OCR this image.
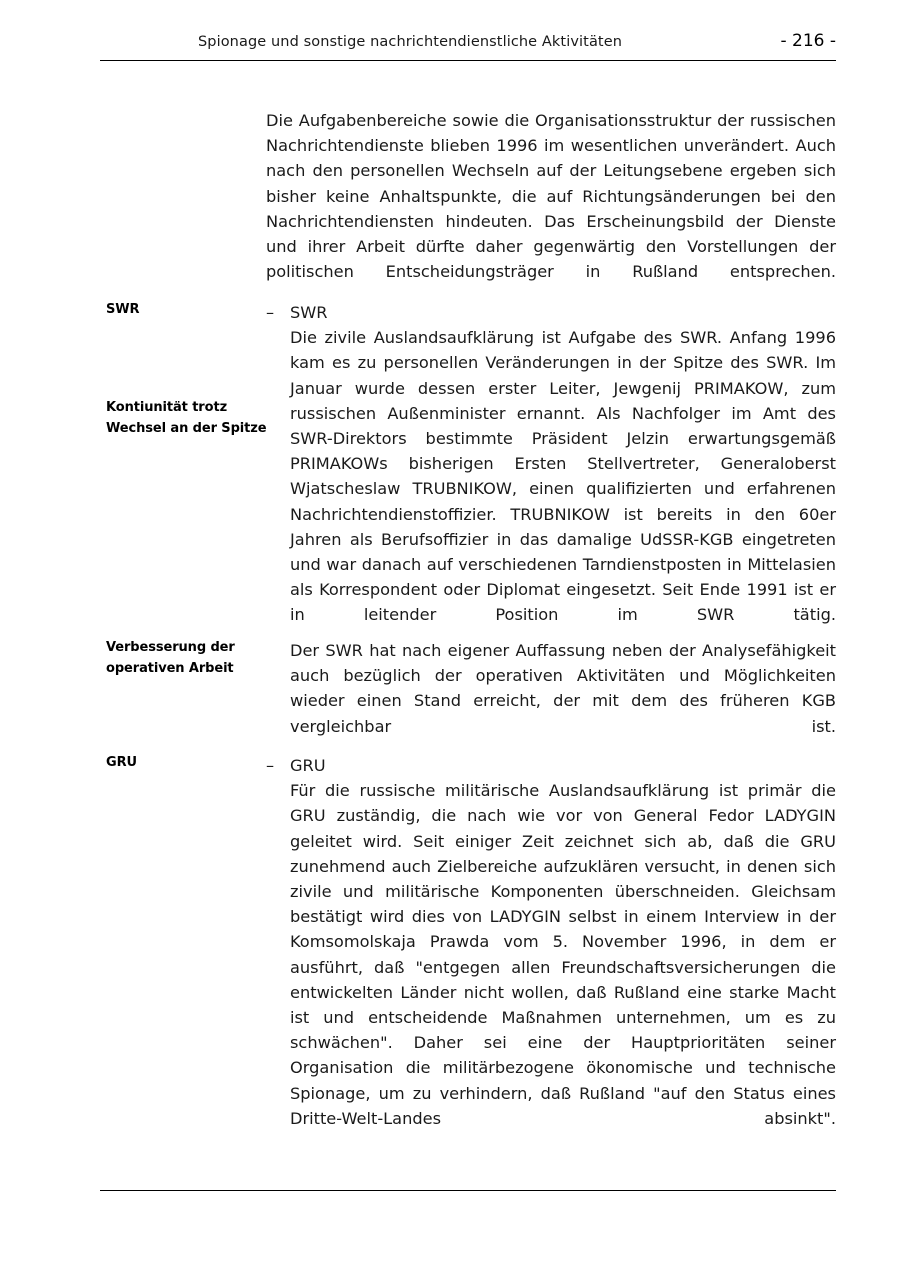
Spionage und sonstige nachrichtendienstliche Aktivitäten	- 216 -

Die Aufgabenbereiche sowie die Organisationsstruktur der russischen Nachrichtendienste blieben 1996 im wesentlichen unverändert. Auch nach den personellen Wechseln auf der Leitungsebene ergeben sich bisher keine Anhaltspunkte, die auf Richtungsänderungen bei den Nachrichtendiensten hindeuten. Das Erscheinungsbild der Dienste und ihrer Arbeit dürfte daher gegenwärtig den Vorstellungen der politischen Entscheidungsträger in Rußland entsprechen.

SWR
Kontiunität trotz Wechsel an der Spitze
– SWR

Die zivile Auslandsaufklärung ist Aufgabe des SWR. Anfang 1996 kam es zu personellen Veränderungen in der Spitze des SWR. Im Januar wurde dessen erster Leiter, Jewgenij PRIMAKOW, zum russischen Außenminister ernannt. Als Nachfolger im Amt des SWR-Direktors bestimmte Präsident Jelzin erwartungsgemäß PRIMAKOWs bisherigen Ersten Stellvertreter, Generaloberst Wjatscheslaw TRUBNIKOW, einen qualifizierten und erfahrenen Nachrichtendienstoffizier. TRUBNIKOW ist bereits in den 60er Jahren als Berufsoffizier in das damalige UdSSR-KGB eingetreten und war danach auf verschiedenen Tarndienstposten in Mittelasien als Korrespondent oder Diplomat eingesetzt. Seit Ende 1991 ist er in leitender Position im SWR tätig.

Verbesserung der operativen Arbeit

Der SWR hat nach eigener Auffassung neben der Analysefähigkeit auch bezüglich der operativen Aktivitäten und Möglichkeiten wieder einen Stand erreicht, der mit dem des früheren KGB vergleichbar ist.

GRU	– GRU

Für die russische militärische Auslandsaufklärung ist primär die GRU zuständig, die nach wie vor von General Fedor LADYGIN geleitet wird. Seit einiger Zeit zeichnet sich ab, daß die GRU zunehmend auch Zielbereiche aufzuklären versucht, in denen sich zivile und militärische Komponenten überschneiden. Gleichsam bestätigt wird dies von LADYGIN selbst in einem Interview in der Komsomolskaja Prawda vom 5. November 1996, in dem er ausführt, daß "entgegen allen Freundschaftsversicherungen die entwickelten Länder nicht wollen, daß Rußland eine starke Macht ist und entscheidende Maßnahmen unternehmen, um es zu schwächen". Daher sei eine der Hauptprioritäten seiner Organisation die militärbezogene ökonomische und technische Spionage, um zu verhindern, daß Rußland "auf den Status eines Dritte-Welt-Landes absinkt".
